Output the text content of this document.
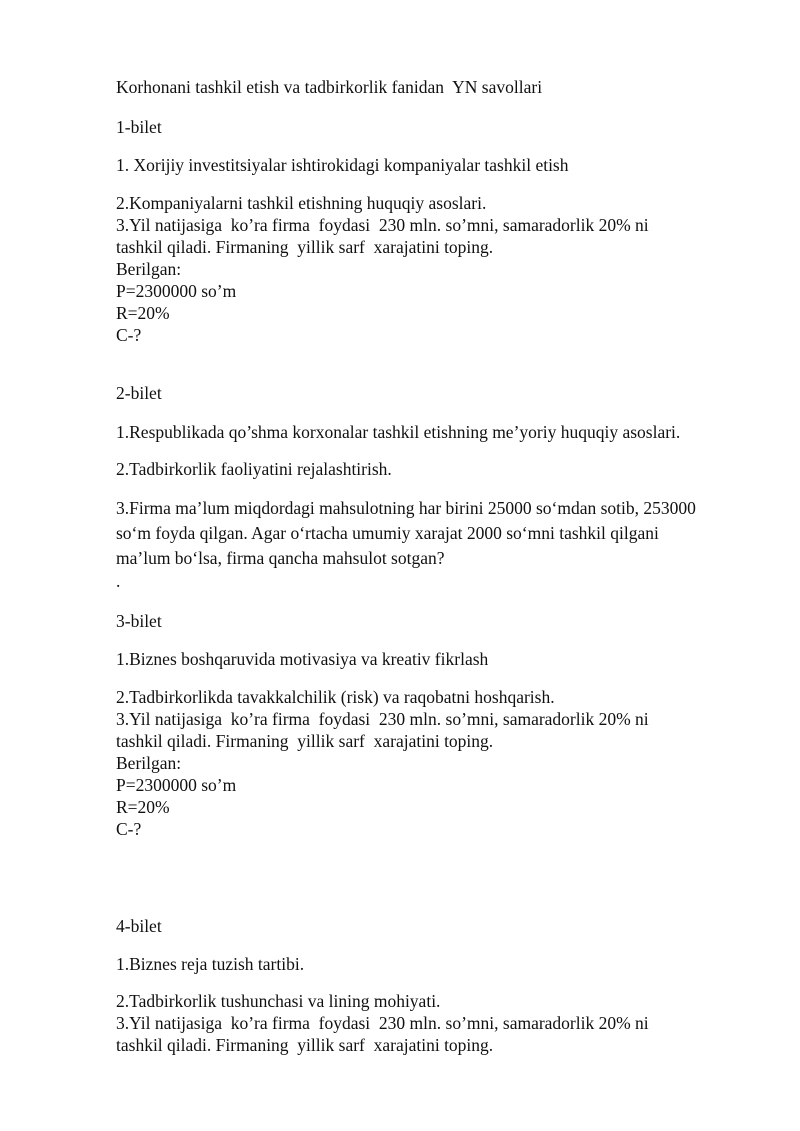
Korhonani tashkil etish va tadbirkorlik fanidan  YN savollari

1-bilet

1. Xorijiy investitsiyalar ishtirokidagi kompaniyalar tashkil etish

2.Kompaniyalarni tashkil etishning huquqiy asoslari.

3.Yil natijasiga  ko’ra firma  foydasi  230 mln. so’mni, samaradorlik 20% ni

tashkil qiladi. Firmaning  yillik sarf  xarajatini toping.

Berilgan:

P=2300000 so’m

R=20%

C-?

2-bilet

1.Respublikada qo’shma korxonalar tashkil etishning me’yoriy huquqiy asoslari.

2.Tadbirkorlik faoliyatini rejalashtirish.

3.Firma ma’lum miqdordagi mahsulotning har birini 25000 so‘mdan sotib, 253000

so‘m foyda qilgan. Agar o‘rtacha umumiy xarajat 2000 so‘mni tashkil qilgani

ma’lum bo‘lsa, firma qancha mahsulot sotgan?

.

3-bilet

1.Biznes boshqaruvida motivasiya va kreativ fikrlash

2.Tadbirkorlikda tavakkalchilik (risk) va raqobatni hoshqarish.

3.Yil natijasiga  ko’ra firma  foydasi  230 mln. so’mni, samaradorlik 20% ni

tashkil qiladi. Firmaning  yillik sarf  xarajatini toping.

Berilgan:

P=2300000 so’m

R=20%

C-?

4-bilet

1.Biznes reja tuzish tartibi.

2.Tadbirkorlik tushunchasi va lining mohiyati.

3.Yil natijasiga  ko’ra firma  foydasi  230 mln. so’mni, samaradorlik 20% ni

tashkil qiladi. Firmaning  yillik sarf  xarajatini toping.
